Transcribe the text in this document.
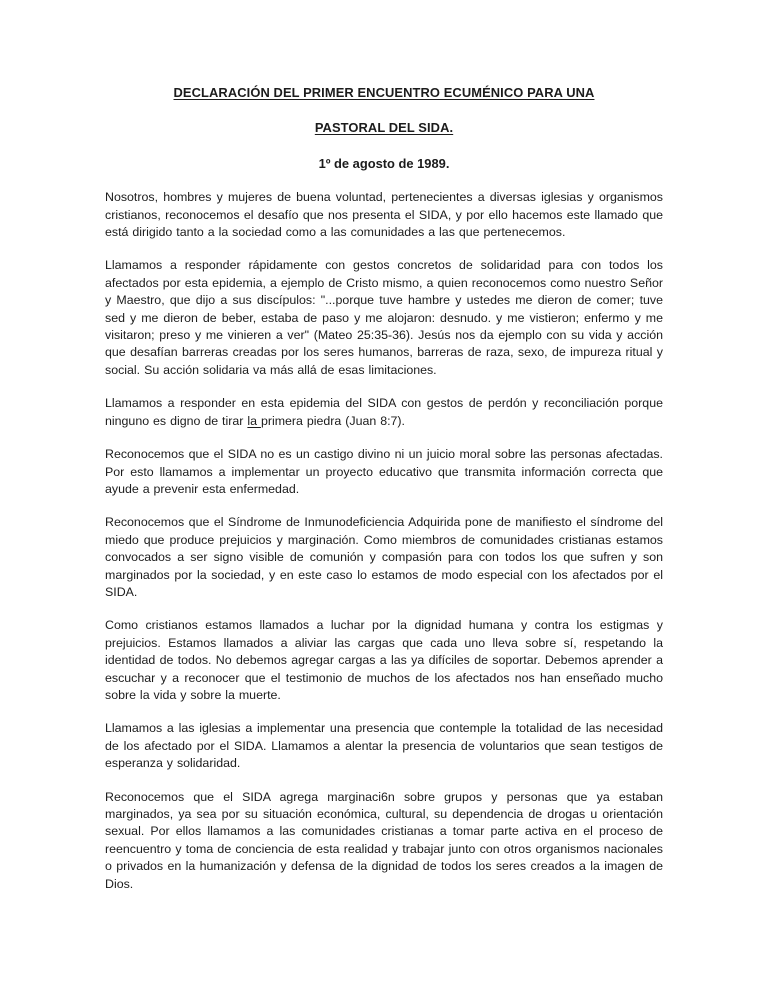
DECLARACIÓN DEL PRIMER ENCUENTRO ECUMÉNICO PARA UNA
PASTORAL DEL SIDA.
1º de agosto de 1989.

Nosotros, hombres y mujeres de buena voluntad, pertenecientes a diversas iglesias y organismos cristianos, reconocemos el desafío que nos presenta el SIDA, y por ello hacemos este llamado que está dirigido tanto a la sociedad como a las comunidades a las que pertenecemos.

Llamamos a responder rápidamente con gestos concretos de solidaridad para con todos los afectados por esta epidemia, a ejemplo de Cristo mismo, a quien reconocemos como nuestro Señor y Maestro, que dijo a sus discípulos: "...porque tuve hambre y ustedes me dieron de comer; tuve sed y me dieron de beber, estaba de paso y me alojaron: desnudo. y me vistieron; enfermo y me visitaron; preso y me vinieren a ver" (Mateo 25:35-36). Jesús nos da ejemplo con su vida y acción que desafían barreras creadas por los seres humanos, barreras de raza, sexo, de impureza ritual y social. Su acción solidaria va más allá de esas limitaciones.

Llamamos a responder en esta epidemia del SIDA con gestos de perdón y reconciliación porque ninguno es digno de tirar la primera piedra (Juan 8:7).

Reconocemos que el SIDA no es un castigo divino ni un juicio moral sobre las personas afectadas. Por esto llamamos a implementar un proyecto educativo que transmita información correcta que ayude a prevenir esta enfermedad.

Reconocemos que el Síndrome de Inmunodeficiencia Adquirida pone de manifiesto el síndrome del miedo que produce prejuicios y marginación. Como miembros de comunidades cristianas estamos convocados a ser signo visible de comunión y compasión para con todos los que sufren y son marginados por la sociedad, y en este caso lo estamos de modo especial con los afectados por el SIDA.

Como cristianos estamos llamados a luchar por la dignidad humana y contra los estigmas y prejuicios. Estamos llamados a aliviar las cargas que cada uno lleva sobre sí, respetando la identidad de todos. No debemos agregar cargas a las ya difíciles de soportar. Debemos aprender a escuchar y a reconocer que el testimonio de muchos de los afectados nos han enseñado mucho sobre la vida y sobre la muerte.

Llamamos a las iglesias a implementar una presencia que contemple la totalidad de las necesidad de los afectado por el SIDA. Llamamos a alentar la presencia de voluntarios que sean testigos de esperanza y solidaridad.

Reconocemos que el SIDA agrega marginaci6n sobre grupos y personas que ya estaban marginados, ya sea por su situación económica, cultural, su dependencia de drogas u orientación sexual. Por ellos llamamos a las comunidades cristianas a tomar parte activa en el proceso de reencuentro y toma de conciencia de esta realidad y trabajar junto con otros organismos nacionales o privados en la humanización y defensa de la dignidad de todos los seres creados a la imagen de Dios.
